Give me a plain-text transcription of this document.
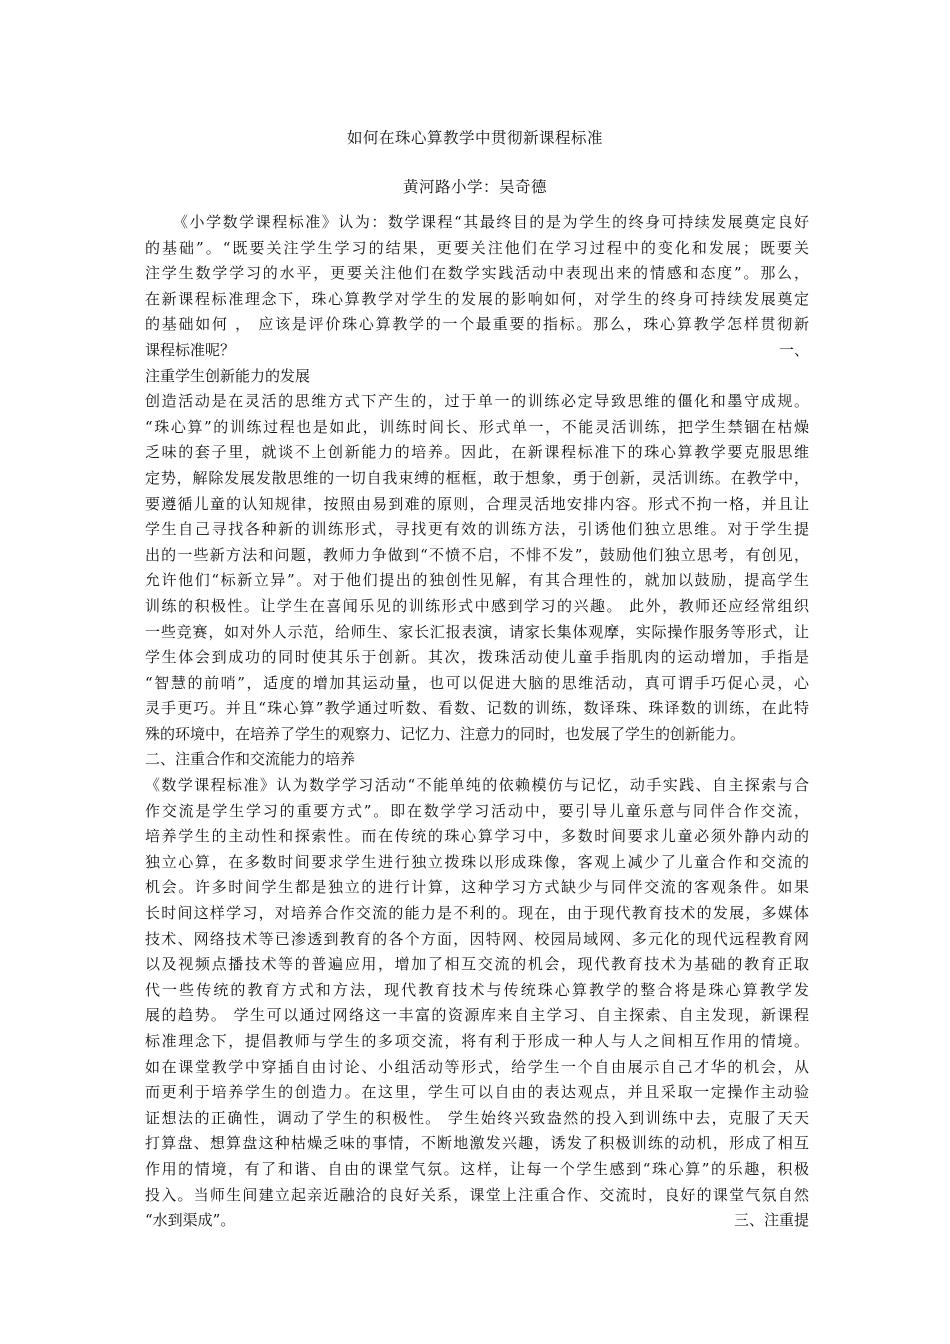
如何在珠心算教学中贯彻新课程标准
黄河路小学：吴奇德
《小学数学课程标准》认为：数学课程“其最终目的是为学生的终身可持续发展奠定良好
的基础”。“既要关注学生学习的结果，更要关注他们在学习过程中的变化和发展；既要关
注学生数学学习的水平，更要关注他们在数学实践活动中表现出来的情感和态度”。那么，
在新课程标准理念下，珠心算教学对学生的发展的影响如何，对学生的终身可持续发展奠定
的基础如何 ， 应该是评价珠心算教学的一个最重要的指标。那么，珠心算教学怎样贯彻新
课程标准呢？	一、
注重学生创新能力的发展
创造活动是在灵活的思维方式下产生的，过于单一的训练必定导致思维的僵化和墨守成规。
“珠心算”的训练过程也是如此，训练时间长、形式单一，不能灵活训练，把学生禁锢在枯燥
乏味的套子里，就谈不上创新能力的培养。因此，在新课程标准下的珠心算教学要克服思维
定势，解除发展发散思维的一切自我束缚的框框，敢于想象，勇于创新，灵活训练。在教学中，
要遵循儿童的认知规律，按照由易到难的原则，合理灵活地安排内容。形式不拘一格，并且让
学生自己寻找各种新的训练形式，寻找更有效的训练方法，引诱他们独立思维。对于学生提
出的一些新方法和问题，教师力争做到“不愤不启，不悱不发”，鼓励他们独立思考，有创见，
允许他们“标新立异”。对于他们提出的独创性见解，有其合理性的，就加以鼓励，提高学生
训练的积极性。让学生在喜闻乐见的训练形式中感到学习的兴趣。 此外，教师还应经常组织
一些竞赛，如对外人示范，给师生、家长汇报表演，请家长集体观摩，实际操作服务等形式，让
学生体会到成功的同时使其乐于创新。其次，拨珠活动使儿童手指肌肉的运动增加，手指是
“智慧的前哨”，适度的增加其运动量，也可以促进大脑的思维活动，真可谓手巧促心灵，心
灵手更巧。并且“珠心算”教学通过听数、看数、记数的训练，数译珠、珠译数的训练，在此特
殊的环境中，在培养了学生的观察力、记忆力、注意力的同时，也发展了学生的创新能力。
二、注重合作和交流能力的培养
《数学课程标准》认为数学学习活动“不能单纯的依赖模仿与记忆，动手实践、自主探索与合
作交流是学生学习的重要方式”。即在数学学习活动中，要引导儿童乐意与同伴合作交流，
培养学生的主动性和探索性。而在传统的珠心算学习中，多数时间要求儿童必须外静内动的
独立心算，在多数时间要求学生进行独立拨珠以形成珠像，客观上减少了儿童合作和交流的
机会。许多时间学生都是独立的进行计算，这种学习方式缺少与同伴交流的客观条件。如果
长时间这样学习，对培养合作交流的能力是不利的。现在，由于现代教育技术的发展，多媒体
技术、网络技术等已渗透到教育的各个方面，因特网、校园局域网、多元化的现代远程教育网
以及视频点播技术等的普遍应用，增加了相互交流的机会，现代教育技术为基础的教育正取
代一些传统的教育方式和方法，现代教育技术与传统珠心算教学的整合将是珠心算教学发
展的趋势。 学生可以通过网络这一丰富的资源库来自主学习、自主探索、自主发现，新课程
标准理念下，提倡教师与学生的多项交流，将有利于形成一种人与人之间相互作用的情境。
如在课堂教学中穿插自由讨论、小组活动等形式，给学生一个自由展示自己才华的机会，从
而更利于培养学生的创造力。在这里，学生可以自由的表达观点，并且采取一定操作主动验
证想法的正确性，调动了学生的积极性。 学生始终兴致盎然的投入到训练中去，克服了天天
打算盘、想算盘这种枯燥乏味的事情，不断地激发兴趣，诱发了积极训练的动机，形成了相互
作用的情境，有了和谐、自由的课堂气氛。这样，让每一个学生感到“珠心算”的乐趣，积极
投入。当师生间建立起亲近融洽的良好关系，课堂上注重合作、交流时，良好的课堂气氛自然
“水到渠成”。	三、注重提
